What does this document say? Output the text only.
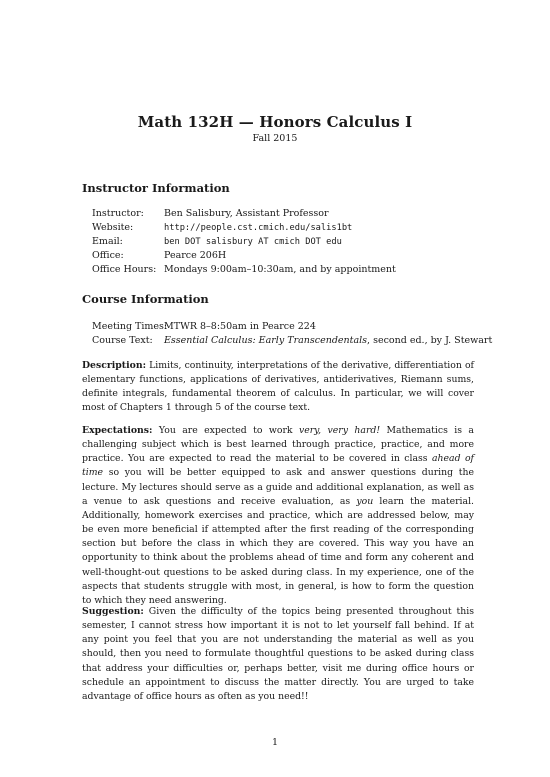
Math 132H — Honors Calculus I
Fall 2015
Instructor Information
Instructor:	Ben Salisbury, Assistant Professor
Website:	http://people.cst.cmich.edu/salis1bt
Email:	ben DOT salisbury AT cmich DOT edu
Office:	Pearce 206H
Office Hours: Mondays 9:00am–10:30am, and by appointment
Course Information
Meeting Times:
MTWR 8–8:50am in Pearce 224
Course Text:	Essential Calculus: Early Transcendentals, second ed., by J. Stewart
Description: Limits, continuity, interpretations of the derivative, differentiation of elementary functions, applications of derivatives, antiderivatives, Riemann sums, definite integrals, fundamental theorem of calculus. In particular, we will cover most of Chapters 1 through 5 of the course text.
Expectations: You are expected to work very, very hard! Mathematics is a challenging subject which is best learned through practice, practice, and more practice. You are expected to read the material to be covered in class ahead of time so you will be better equipped to ask and answer questions during the lecture. My lectures should serve as a guide and additional explanation, as well as a venue to ask questions and receive evaluation, as you learn the material. Additionally, homework exercises and practice, which are addressed below, may be even more beneficial if attempted after the first reading of the corresponding section but before the class in which they are covered. This way you have an opportunity to think about the problems ahead of time and form any coherent and well-thought-out questions to be asked during class. In my experience, one of the aspects that students struggle with most, in general, is how to form the question to which they need answering.
Suggestion: Given the difficulty of the topics being presented throughout this semester, I cannot stress how important it is not to let yourself fall behind. If at any point you feel that you are not understanding the material as well as you should, then you need to formulate thoughtful questions to be asked during class that address your difficulties or, perhaps better, visit me during office hours or schedule an appointment to discuss the matter directly. You are urged to take advantage of office hours as often as you need!!
1
